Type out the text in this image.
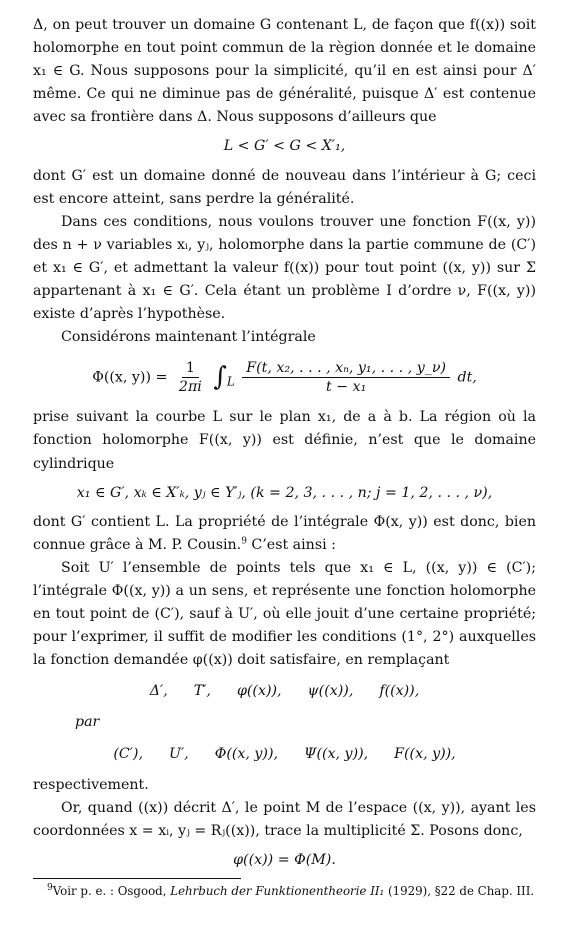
Δ, on peut trouver un domaine G contenant L, de façon que f((x)) soit holomorphe en tout point commun de la règion donnée et le domaine x₁ ∈ G. Nous supposons pour la simplicité, qu’il en est ainsi pour Δ′ même. Ce qui ne diminue pas de généralité, puisque Δ′ est contenue avec sa frontière dans Δ. Nous supposons d’ailleurs que

L < G′ < G < X′₁,

dont G′ est un domaine donné de nouveau dans l’intérieur à G; ceci est encore atteint, sans perdre la généralité.

Dans ces conditions, nous voulons trouver une fonction F((x, y)) des n + ν variables xᵢ, yⱼ, holomorphe dans la partie commune de (C′) et x₁ ∈ G′, et admettant la valeur f((x)) pour tout point ((x, y)) sur Σ appartenant à x₁ ∈ G′. Cela étant un problème I d’ordre ν, F((x, y)) existe d’après l’hypothèse.

Considérons maintenant l’intégrale

Φ((x, $y)) = \frac{1}{2\pi i} \int_L \frac{\text{F(t, x₂, . . . , xₙ, y₁, . . . , y\_ν)}}{\text{t − x₁}}$ dt,

prise suivant la courbe L sur le plan x₁, de a à b. La région où la fonction holomorphe F((x, y)) est définie, n’est que le domaine cylindrique

x₁ ∈ G′, xₖ ∈ X′ₖ, yⱼ ∈ Y′ⱼ, (k = 2, 3, . . . , n; j = 1, 2, . . . , ν),

dont G′ contient L. La propriété de l’intégrale Φ(x, y)) est donc, bien connue grâce à M. P. Cousin.$^9$ C’est ainsi :

Soit U′ l’ensemble de points tels que x₁ ∈ L, ((x, y)) ∈ (C′); l’intégrale Φ((x, y)) a un sens, et représente une fonction holomorphe en tout point de (C′), sauf à U′, où elle jouit d’une certaine propriété; pour l’exprimer, il suffit de modifier les conditions (1°, 2°) auxquelles la fonction demandée φ((x)) doit satisfaire, en remplaçant

Δ′, T′, φ((x)), ψ((x)), f((x)),
par
(C′), U′, Φ((x, y)), Ψ((x, y)), F((x, y)),

respectivement.

Or, quand ((x)) décrit Δ′, le point M de l’espace ((x, y)), ayant les coordonnées x = xᵢ, yⱼ = Rⱼ((x)), trace la multiplicité Σ. Posons donc,

φ((x)) = Φ(M).

$^9$Voir p. e. : Osgood, Lehrbuch der Funktionentheorie II₁ (1929), §22 de Chap. III.
